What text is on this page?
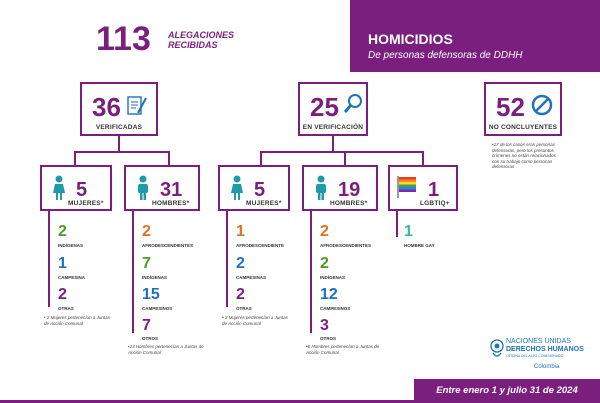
113 ALEGACIONES
RECIBIDAS	HOMICIDIOS
De personas defensoras de DDHH
36
VERIFICADAS
25
EN VERIFICACIÓN
52
NO CONCLUYENTES
•17 de los casos eran personas defensoras, pero los presuntos crímenes no están relacionados con su trabajo como personas defensoras
5
MUJERES*
31
HOMBRES*
5
MUJERES*
19
HOMBRES*
1
LGBTIQ+
2
INDÍGENAS
1
CAMPESINA
2
OTRAS
• 2 Mujeres pertenecían a Juntas de Acción Comunal
2
AFRODESCENDIENTES
7
INDÍGENAS
15
CAMPESINOS
7
OTROS
•13 Hombres pertenecían a Juntas de Acción Comunal
1
AFRODESCENDIENTE
2
CAMPESINAS
2
OTRAS
• 3 Mujeres pertenecían a Juntas de Acción Comunal
2
AFRODESCENDIENTES
2
INDÍGENAS
12
CAMPESINOS
3
OTROS
•6 Hombres pertenecían a Juntas de Acción Comunal
1
HOMBRE GAY
NACIONES UNIDAS
DERECHOS HUMANOS
OFICINA DEL ALTO COMISIONADO
Colombia
Entre enero 1 y julio 31 de 2024
